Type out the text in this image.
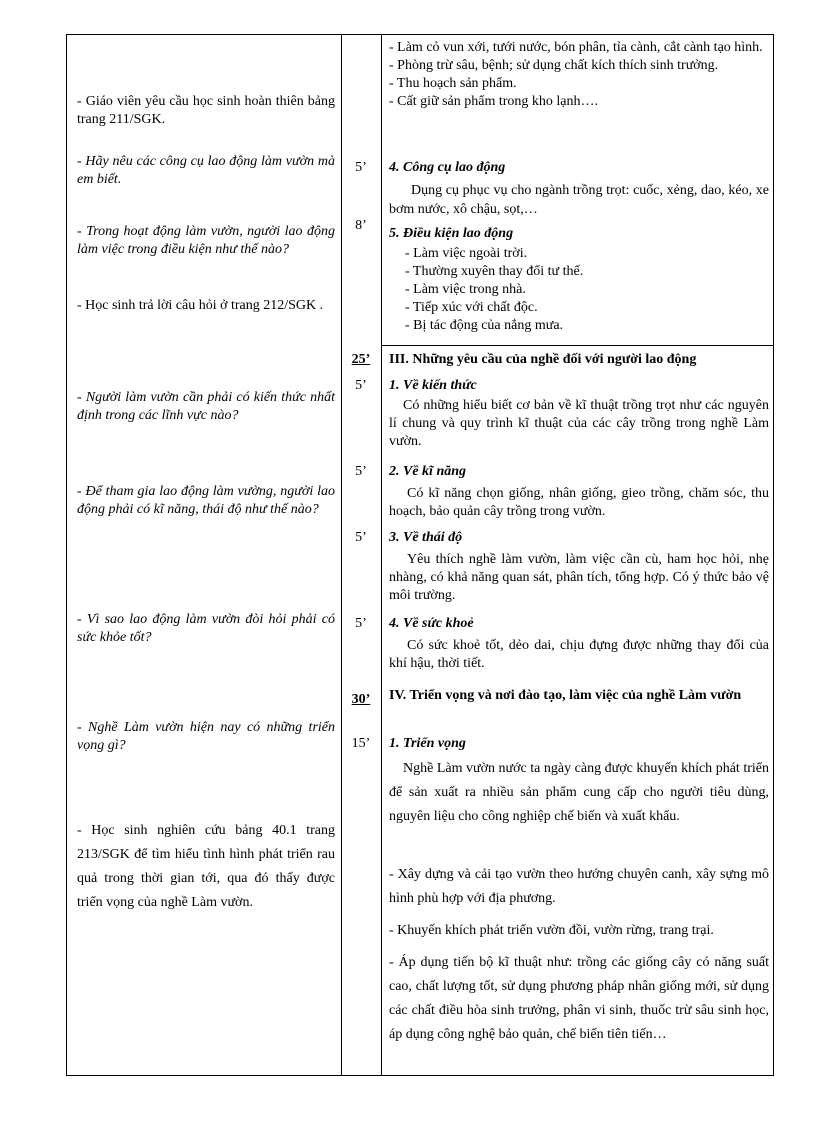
- Giáo viên yêu cầu học sinh hoàn thiên bảng trang 211/SGK.
- Hãy nêu các công cụ lao động làm vườn mà em biết.
- Trong hoạt động làm vườn, người lao động làm việc trong điều kiện như thế nào?
- Học sinh trả lời câu hỏi ở trang 212/SGK .
- Người làm vườn cần phải có kiến thức nhất định trong các lĩnh vực nào?
- Để tham gia lao động làm vường, người lao động phải có kĩ năng, thái độ như thế nào?
- Vì sao lao động làm vườn đòi hỏi phải có sức khỏe tốt?
- Nghề Làm vườn hiện nay có những triển vọng gì?
- Học sinh nghiên cứu bảng 40.1 trang 213/SGK để tìm hiểu tình hình phát triển rau quả trong thời gian tới, qua đó thấy được triển vọng của nghề Làm vườn.
5’
8’
25’
5’
5’
5’
5’
30’
15’
- Làm cỏ vun xới, tưới nước, bón phân, tỉa cành, cắt cành tạo hình.
- Phòng trừ sâu, bệnh; sử dụng chất kích thích sinh trưởng.
- Thu hoạch sản phẩm.
- Cất giữ sản phẩm trong kho lạnh….
4. Công cụ lao động
Dụng cụ phục vụ cho ngành trồng trọt: cuốc, xẻng, dao, kéo, xe bơm nước, xô chậu, sọt,…
5. Điều kiện lao động
- Làm việc ngoài trời.
- Thường xuyên thay đổi tư thế.
- Làm việc trong nhà.
- Tiếp xúc với chất độc.
- Bị tác động của nắng mưa.
III. Những yêu cầu của nghề đối với người lao động
1. Về kiến thức
Có những hiểu biết cơ bản về kĩ thuật trồng trọt như các nguyên lí chung và quy trình kĩ thuật của các cây trồng trong nghề Làm vườn.
2. Về kĩ năng
Có kĩ năng chọn giống, nhân giống, gieo trồng, chăm sóc, thu hoạch, bảo quản cây trồng trong vườn.
3. Về thái độ
Yêu thích nghề làm vườn, làm việc cần cù, ham học hỏi, nhẹ nhàng, có khả năng quan sát, phân tích, tổng hợp. Có ý thức bảo vệ môi trường.
4. Về sức khoẻ
Có sức khoẻ tốt, dẻo dai, chịu đựng được những thay đổi của khí hậu, thời tiết.
IV. Triển vọng và nơi đào tạo, làm việc của nghề Làm vườn
1. Triển vọng
Nghề Làm vườn nước ta ngày càng được khuyến khích phát triển để sản xuất ra nhiều sản phẩm cung cấp cho người tiêu dùng, nguyên liệu cho công nghiệp chế biến và xuất khẩu.
- Xây dựng và cải tạo vườn theo hướng chuyên canh, xây sựng mô hình phù hợp với địa phương.
- Khuyến khích phát triển vườn đồi, vườn rừng, trang trại.
- Áp dụng tiến bộ kĩ thuật như: trồng các giống cây có năng suất cao, chất lượng tốt, sử dụng phương pháp nhân giống mới, sử dụng các chất điều hòa sinh trưởng, phân vi sinh, thuốc trừ sâu sinh học, áp dụng công nghệ bảo quản, chế biến tiên tiến…
